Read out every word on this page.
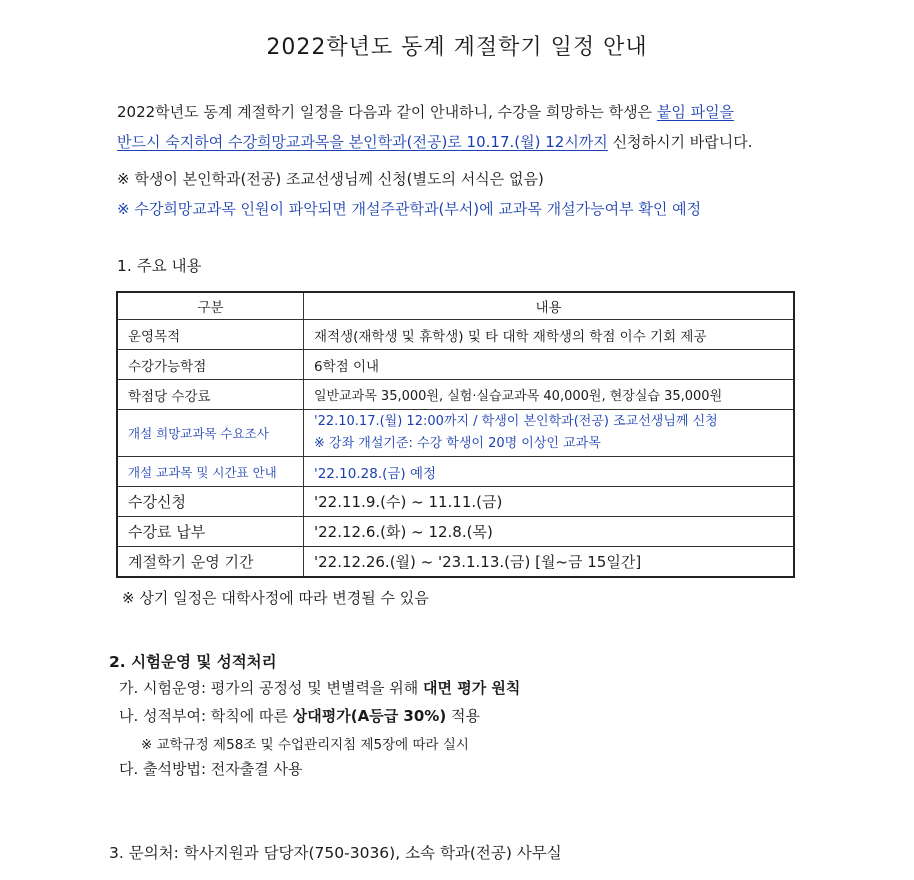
2022학년도 동계 계절학기 일정 안내
2022학년도 동계 계절학기 일정을 다음과 같이 안내하니, 수강을 희망하는 학생은 붙임 파일을
반드시 숙지하여 수강희망교과목을 본인학과(전공)로 10.17.(월) 12시까지 신청하시기 바랍니다.
※ 학생이 본인학과(전공) 조교선생님께 신청(별도의 서식은 없음)
※ 수강희망교과목 인원이 파악되면 개설주관학과(부서)에 교과목 개설가능여부 확인 예정
1. 주요 내용
구분	내용
운영목적	재적생(재학생 및 휴학생) 및 타 대학 재학생의 학점 이수 기회 제공
수강가능학점	6학점 이내
학점당 수강료	일반교과목 35,000원, 실험·실습교과목 40,000원, 현장실습 35,000원
개설 희망교과목 수요조사	'22.10.17.(월) 12:00까지 / 학생이 본인학과(전공) 조교선생님께 신청
※ 강좌 개설기준: 수강 학생이 20명 이상인 교과목

개설 교과목 및 시간표 안내	'22.10.28.(금) 예정
수강신청	'22.11.9.(수) ~ 11.11.(금)
수강료 납부	'22.12.6.(화) ~ 12.8.(목)
계절학기 운영 기간	'22.12.26.(월) ~ '23.1.13.(금) [월~금 15일간]
※ 상기 일정은 대학사정에 따라 변경될 수 있음
2. 시험운영 및 성적처리
가. 시험운영: 평가의 공정성 및 변별력을 위해 대면 평가 원칙
나. 성적부여: 학칙에 따른 상대평가(A등급 30%) 적용
※ 교학규정 제58조 및 수업관리지침 제5장에 따라 실시
다. 출석방법: 전자출결 사용
3. 문의처: 학사지원과 담당자(750-3036), 소속 학과(전공) 사무실
